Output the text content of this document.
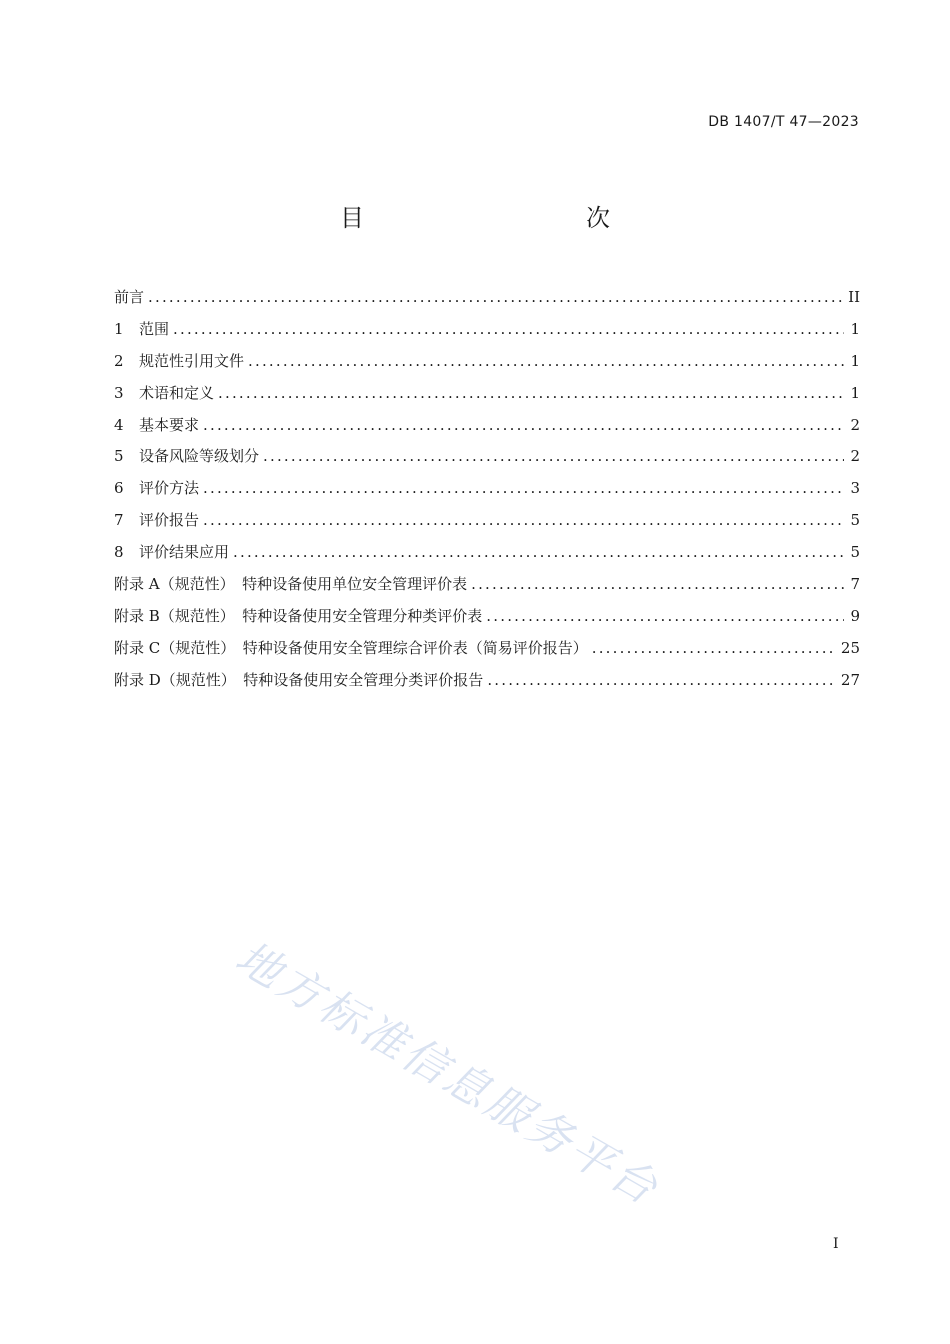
DB 1407/T 47—2023
目　　次
前言 .....	II
1	范围 .....	1
2	规范性引用文件 .....	1
3	术语和定义 .....	1
4	基本要求 .....	2
5	设备风险等级划分 .....	2
6	评价方法 .....	3
7	评价报告 .....	5
8	评价结果应用 .....	5
附录 A（规范性）　特种设备使用单位安全管理评价表 .....	7
附录 B（规范性）　特种设备使用安全管理分种类评价表 .....	9
附录 C（规范性）　特种设备使用安全管理综合评价表（简易评价报告） .....	25
附录 D（规范性）　特种设备使用安全管理分类评价报告 .....	27
地方标准信息服务平台
I
